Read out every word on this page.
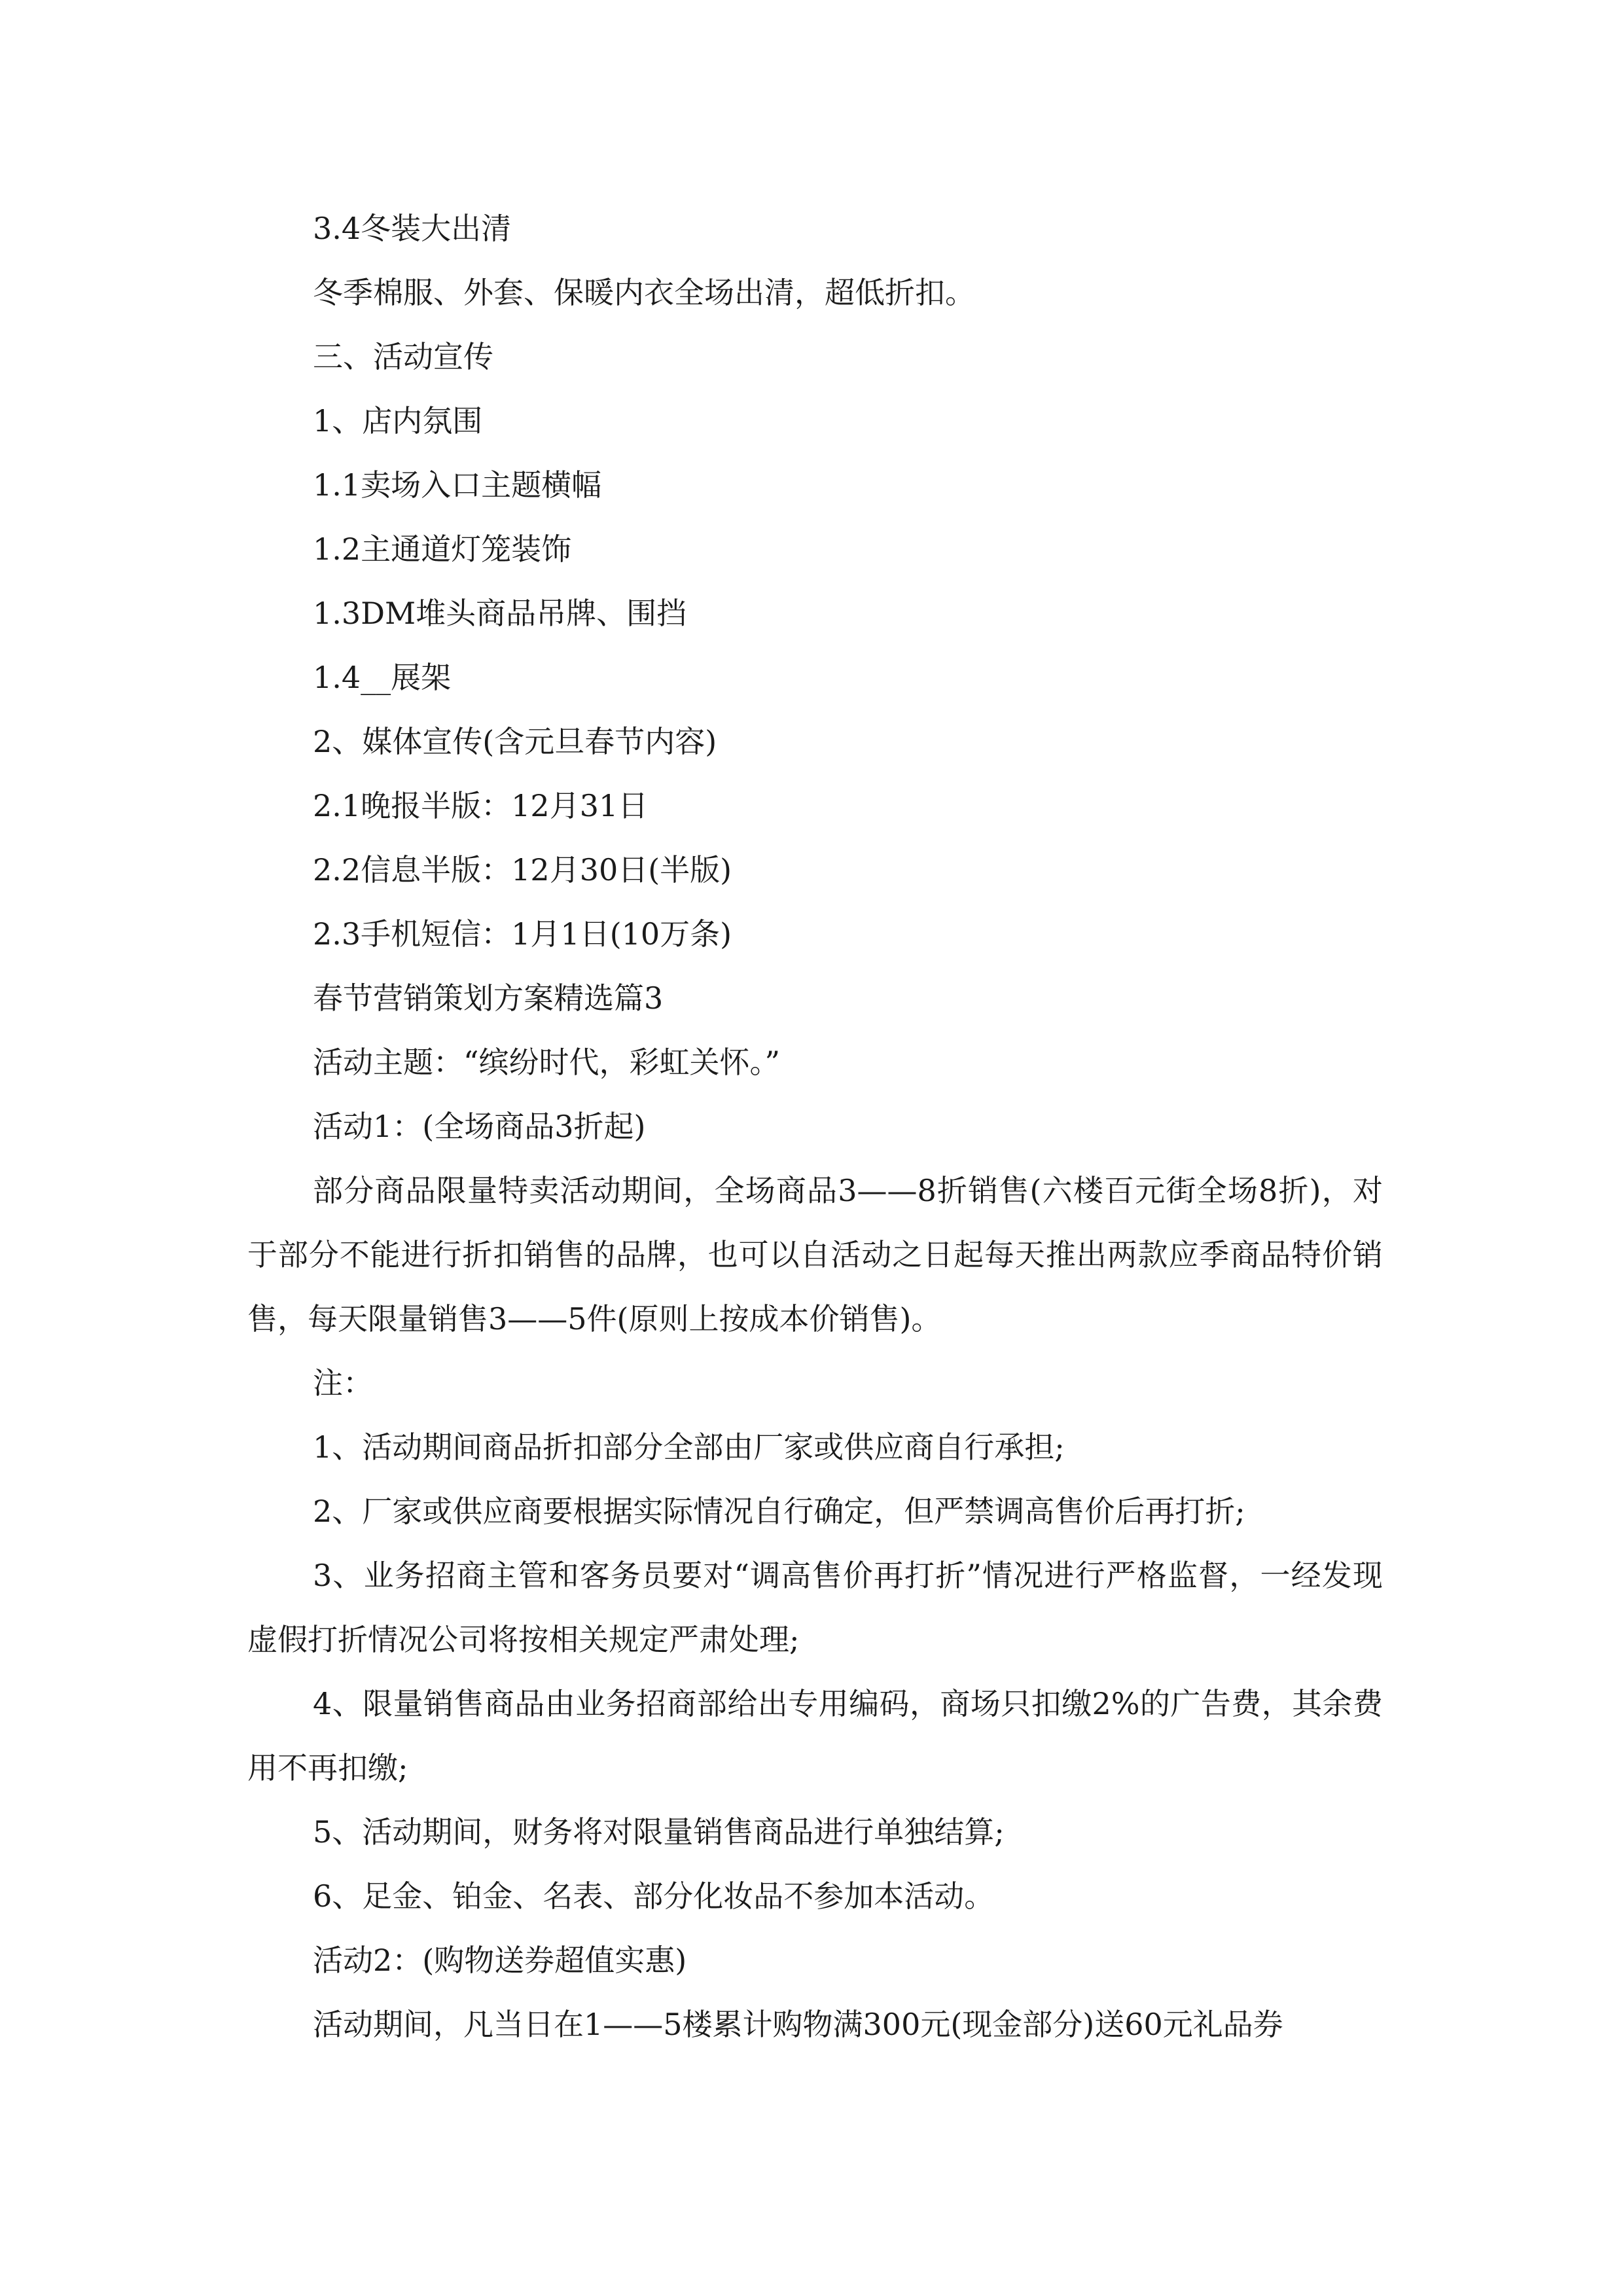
3.4冬装大出清
冬季棉服、外套、保暖内衣全场出清，超低折扣。
三、活动宣传
1、店内氛围
1.1卖场入口主题横幅
1.2主通道灯笼装饰
1.3DM堆头商品吊牌、围挡
1.4__展架
2、媒体宣传(含元旦春节内容)
2.1晚报半版：12月31日
2.2信息半版：12月30日(半版)
2.3手机短信：1月1日(10万条)
春节营销策划方案精选篇3
活动主题：“缤纷时代，彩虹关怀。”
活动1：(全场商品3折起)
部分商品限量特卖活动期间，全场商品3——8折销售(六楼百元街全场8折)，对于部分不能进行折扣销售的品牌，也可以自活动之日起每天推出两款应季商品特价销售，每天限量销售3——5件(原则上按成本价销售)。
注：
1、活动期间商品折扣部分全部由厂家或供应商自行承担;
2、厂家或供应商要根据实际情况自行确定，但严禁调高售价后再打折;
3、业务招商主管和客务员要对“调高售价再打折”情况进行严格监督，一经发现虚假打折情况公司将按相关规定严肃处理;
4、限量销售商品由业务招商部给出专用编码，商场只扣缴2%的广告费，其余费用不再扣缴;
5、活动期间，财务将对限量销售商品进行单独结算;
6、足金、铂金、名表、部分化妆品不参加本活动。
活动2：(购物送券超值实惠)
活动期间，凡当日在1——5楼累计购物满300元(现金部分)送60元礼品券
